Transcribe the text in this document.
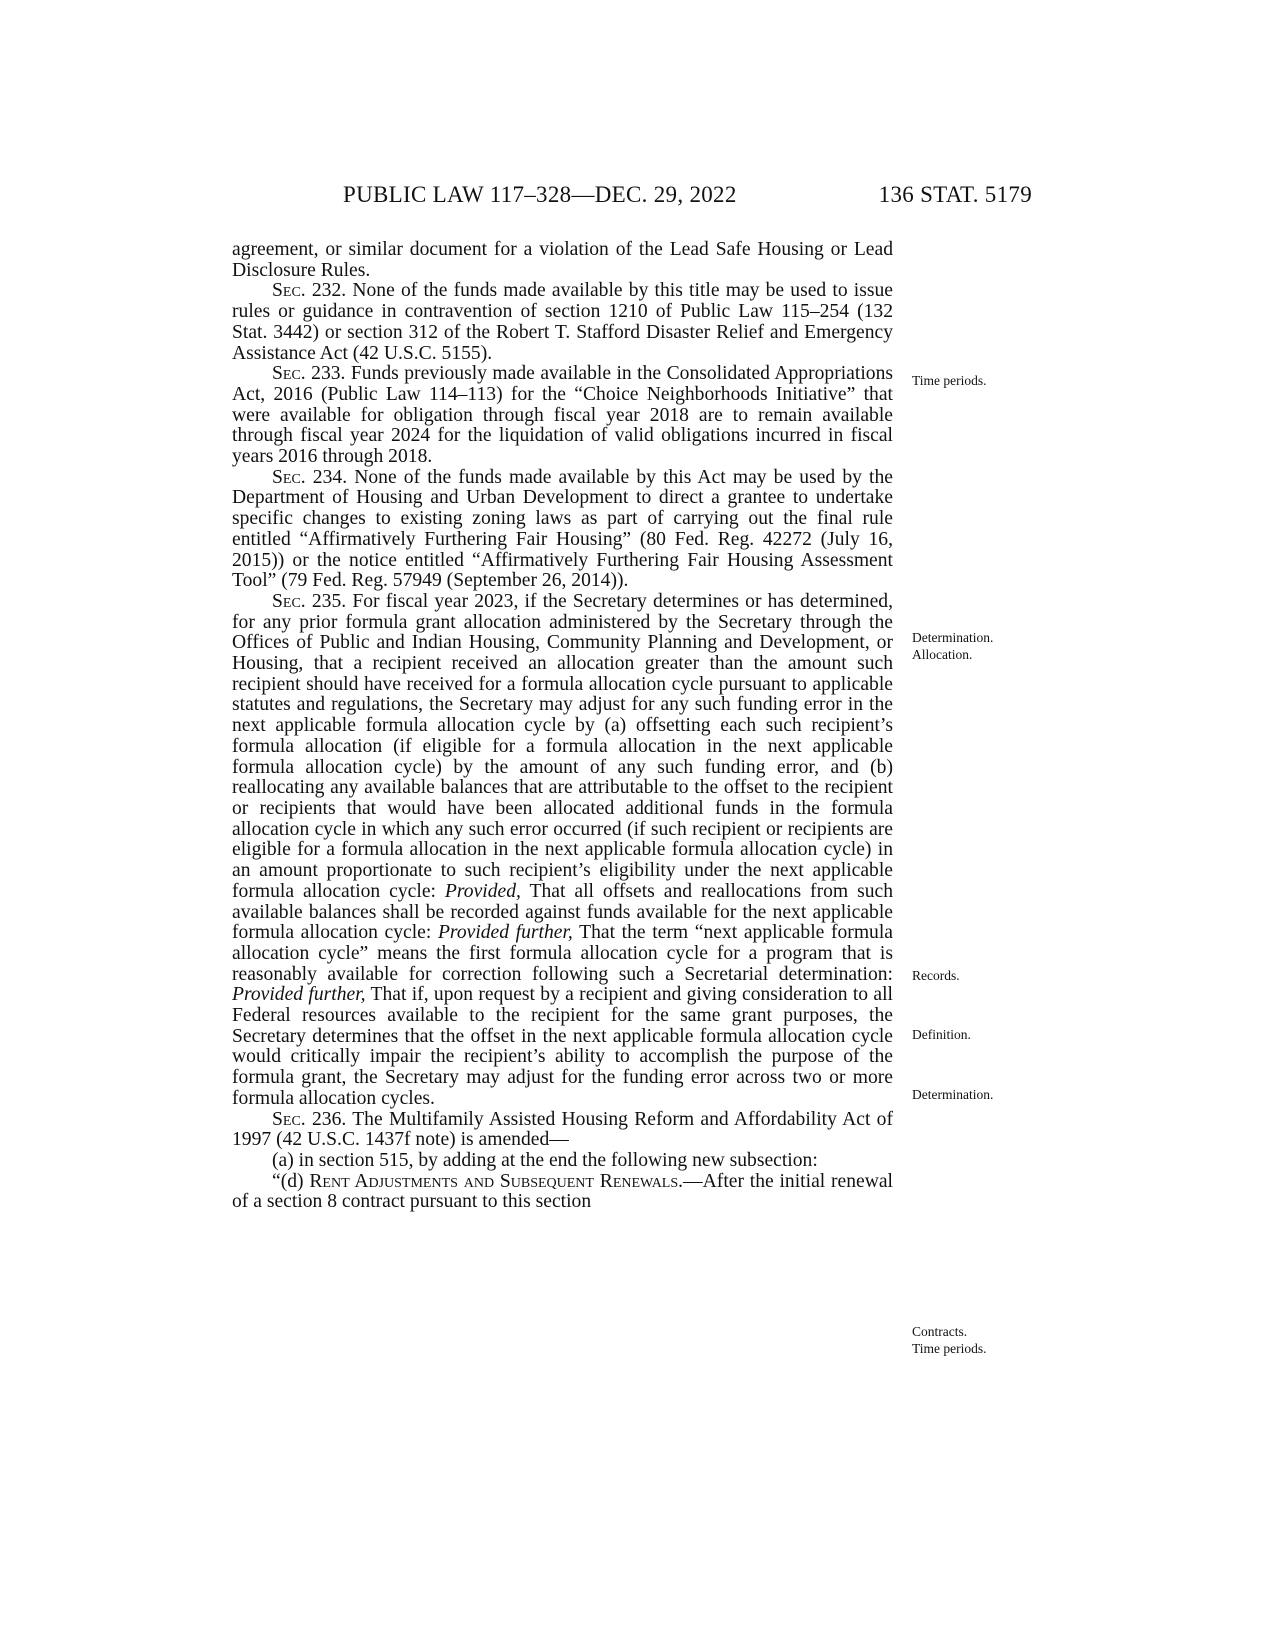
PUBLIC LAW 117–328—DEC. 29, 2022	136 STAT. 5179

agreement, or similar document for a violation of the Lead Safe Housing or Lead Disclosure Rules.

Sec. 232. None of the funds made available by this title may be used to issue rules or guidance in contravention of section 1210 of Public Law 115–254 (132 Stat. 3442) or section 312 of the Robert T. Stafford Disaster Relief and Emergency Assistance Act (42 U.S.C. 5155).

Sec. 233. Funds previously made available in the Consolidated Appropriations Act, 2016 (Public Law 114–113) for the “Choice Neighborhoods Initiative” that were available for obligation through fiscal year 2018 are to remain available through fiscal year 2024 for the liquidation of valid obligations incurred in fiscal years 2016 through 2018.

Sec. 234. None of the funds made available by this Act may be used by the Department of Housing and Urban Development to direct a grantee to undertake specific changes to existing zoning laws as part of carrying out the final rule entitled “Affirmatively Furthering Fair Housing” (80 Fed. Reg. 42272 (July 16, 2015)) or the notice entitled “Affirmatively Furthering Fair Housing Assessment Tool” (79 Fed. Reg. 57949 (September 26, 2014)).

Sec. 235. For fiscal year 2023, if the Secretary determines or has determined, for any prior formula grant allocation administered by the Secretary through the Offices of Public and Indian Housing, Community Planning and Development, or Housing, that a recipient received an allocation greater than the amount such recipient should have received for a formula allocation cycle pursuant to applicable statutes and regulations, the Secretary may adjust for any such funding error in the next applicable formula allocation cycle by (a) offsetting each such recipient’s formula allocation (if eligible for a formula allocation in the next applicable formula allocation cycle) by the amount of any such funding error, and (b) reallocating any available balances that are attributable to the offset to the recipient or recipients that would have been allocated additional funds in the formula allocation cycle in which any such error occurred (if such recipient or recipients are eligible for a formula allocation in the next applicable formula allocation cycle) in an amount proportionate to such recipient’s eligibility under the next applicable formula allocation cycle: Provided, That all offsets and reallocations from such available balances shall be recorded against funds available for the next applicable formula allocation cycle: Provided further, That the term “next applicable formula allocation cycle” means the first formula allocation cycle for a program that is reasonably available for correction following such a Secretarial determination: Provided further, That if, upon request by a recipient and giving consideration to all Federal resources available to the recipient for the same grant purposes, the Secretary determines that the offset in the next applicable formula allocation cycle would critically impair the recipient’s ability to accomplish the purpose of the formula grant, the Secretary may adjust for the funding error across two or more formula allocation cycles.

Sec. 236. The Multifamily Assisted Housing Reform and Affordability Act of 1997 (42 U.S.C. 1437f note) is amended—

(a) in section 515, by adding at the end the following new subsection:

“(d) Rent Adjustments and Subsequent Renewals.—After the initial renewal of a section 8 contract pursuant to this section

Time periods.
Determination.
Allocation.
Records.
Definition.
Determination.
Contracts.
Time periods.
